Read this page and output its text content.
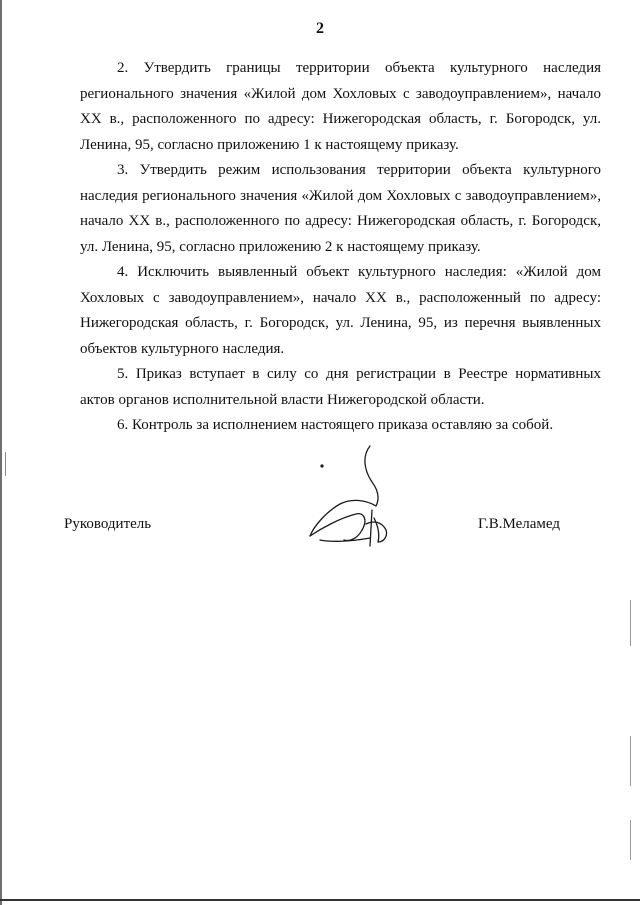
2

2. Утвердить границы территории объекта культурного наследия регионального значения «Жилой дом Хохловых с заводоуправлением», начало XX в., расположенного по адресу: Нижегородская область, г. Богородск, ул. Ленина, 95, согласно приложению 1 к настоящему приказу.

3. Утвердить режим использования территории объекта культурного наследия регионального значения «Жилой дом Хохловых с заводоуправлением», начало XX в., расположенного по адресу: Нижегородская область, г. Богородск, ул. Ленина, 95, согласно приложению 2 к настоящему приказу.

4. Исключить выявленный объект культурного наследия: «Жилой дом Хохловых с заводоуправлением», начало XX в., расположенный по адресу: Нижегородская область, г. Богородск, ул. Ленина, 95, из перечня выявленных объектов культурного наследия.

5. Приказ вступает в силу со дня регистрации в Реестре нормативных актов органов исполнительной власти Нижегородской области.

6. Контроль за исполнением настоящего приказа оставляю за собой.

Руководитель	Г.В.Меламед
